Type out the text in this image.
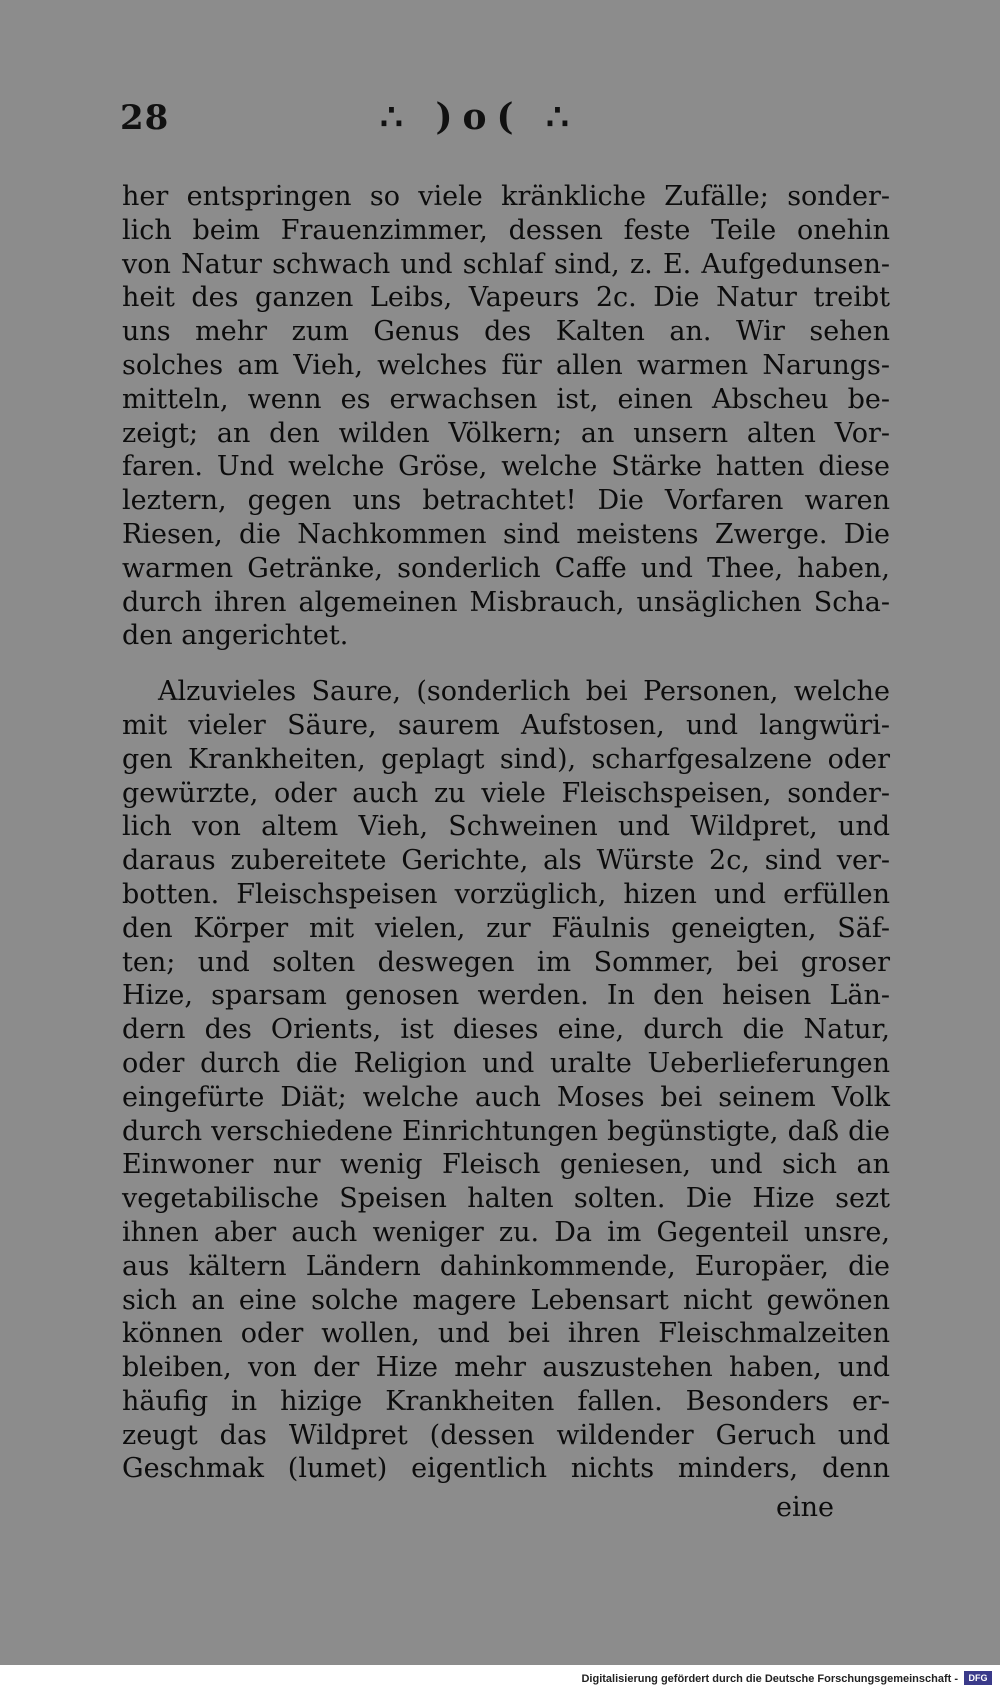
28	∴ )o( ∴
her entspringen so viele kränkliche Zufälle; sonder-
lich beim Frauenzimmer, dessen feste Teile onehin
von Natur schwach und schlaf sind, z. E. Aufgedunsen-
heit des ganzen Leibs, Vapeurs 2c. Die Natur treibt
uns mehr zum Genus des Kalten an. Wir sehen
solches am Vieh, welches für allen warmen Narungs-
mitteln, wenn es erwachsen ist, einen Abscheu be-
zeigt; an den wilden Völkern; an unsern alten Vor-
faren. Und welche Gröse, welche Stärke hatten diese
leztern, gegen uns betrachtet! Die Vorfaren waren
Riesen, die Nachkommen sind meistens Zwerge. Die
warmen Getränke, sonderlich Caffe und Thee, haben,
durch ihren algemeinen Misbrauch, unsäglichen Scha-
den angerichtet.
Alzuvieles Saure, (sonderlich bei Personen, welche
mit vieler Säure, saurem Aufstosen, und langwüri-
gen Krankheiten, geplagt sind), scharfgesalzene oder
gewürzte, oder auch zu viele Fleischspeisen, sonder-
lich von altem Vieh, Schweinen und Wildpret, und
daraus zubereitete Gerichte, als Würste 2c, sind ver-
botten. Fleischspeisen vorzüglich, hizen und erfüllen
den Körper mit vielen, zur Fäulnis geneigten, Säf-
ten; und solten deswegen im Sommer, bei groser
Hize, sparsam genosen werden. In den heisen Län-
dern des Orients, ist dieses eine, durch die Natur,
oder durch die Religion und uralte Ueberlieferungen
eingefürte Diät; welche auch Moses bei seinem Volk
durch verschiedene Einrichtungen begünstigte, daß die
Einwoner nur wenig Fleisch geniesen, und sich an
vegetabilische Speisen halten solten. Die Hize sezt
ihnen aber auch weniger zu. Da im Gegenteil unsre,
aus kältern Ländern dahinkommende, Europäer, die
sich an eine solche magere Lebensart nicht gewönen
können oder wollen, und bei ihren Fleischmalzeiten
bleiben, von der Hize mehr auszustehen haben, und
häufig in hizige Krankheiten fallen. Besonders er-
zeugt das Wildpret (dessen wildender Geruch und
Geschmak (lumet) eigentlich nichts minders, denn
eine
Digitalisierung gefördert durch die Deutsche Forschungsgemeinschaft -	DFG
